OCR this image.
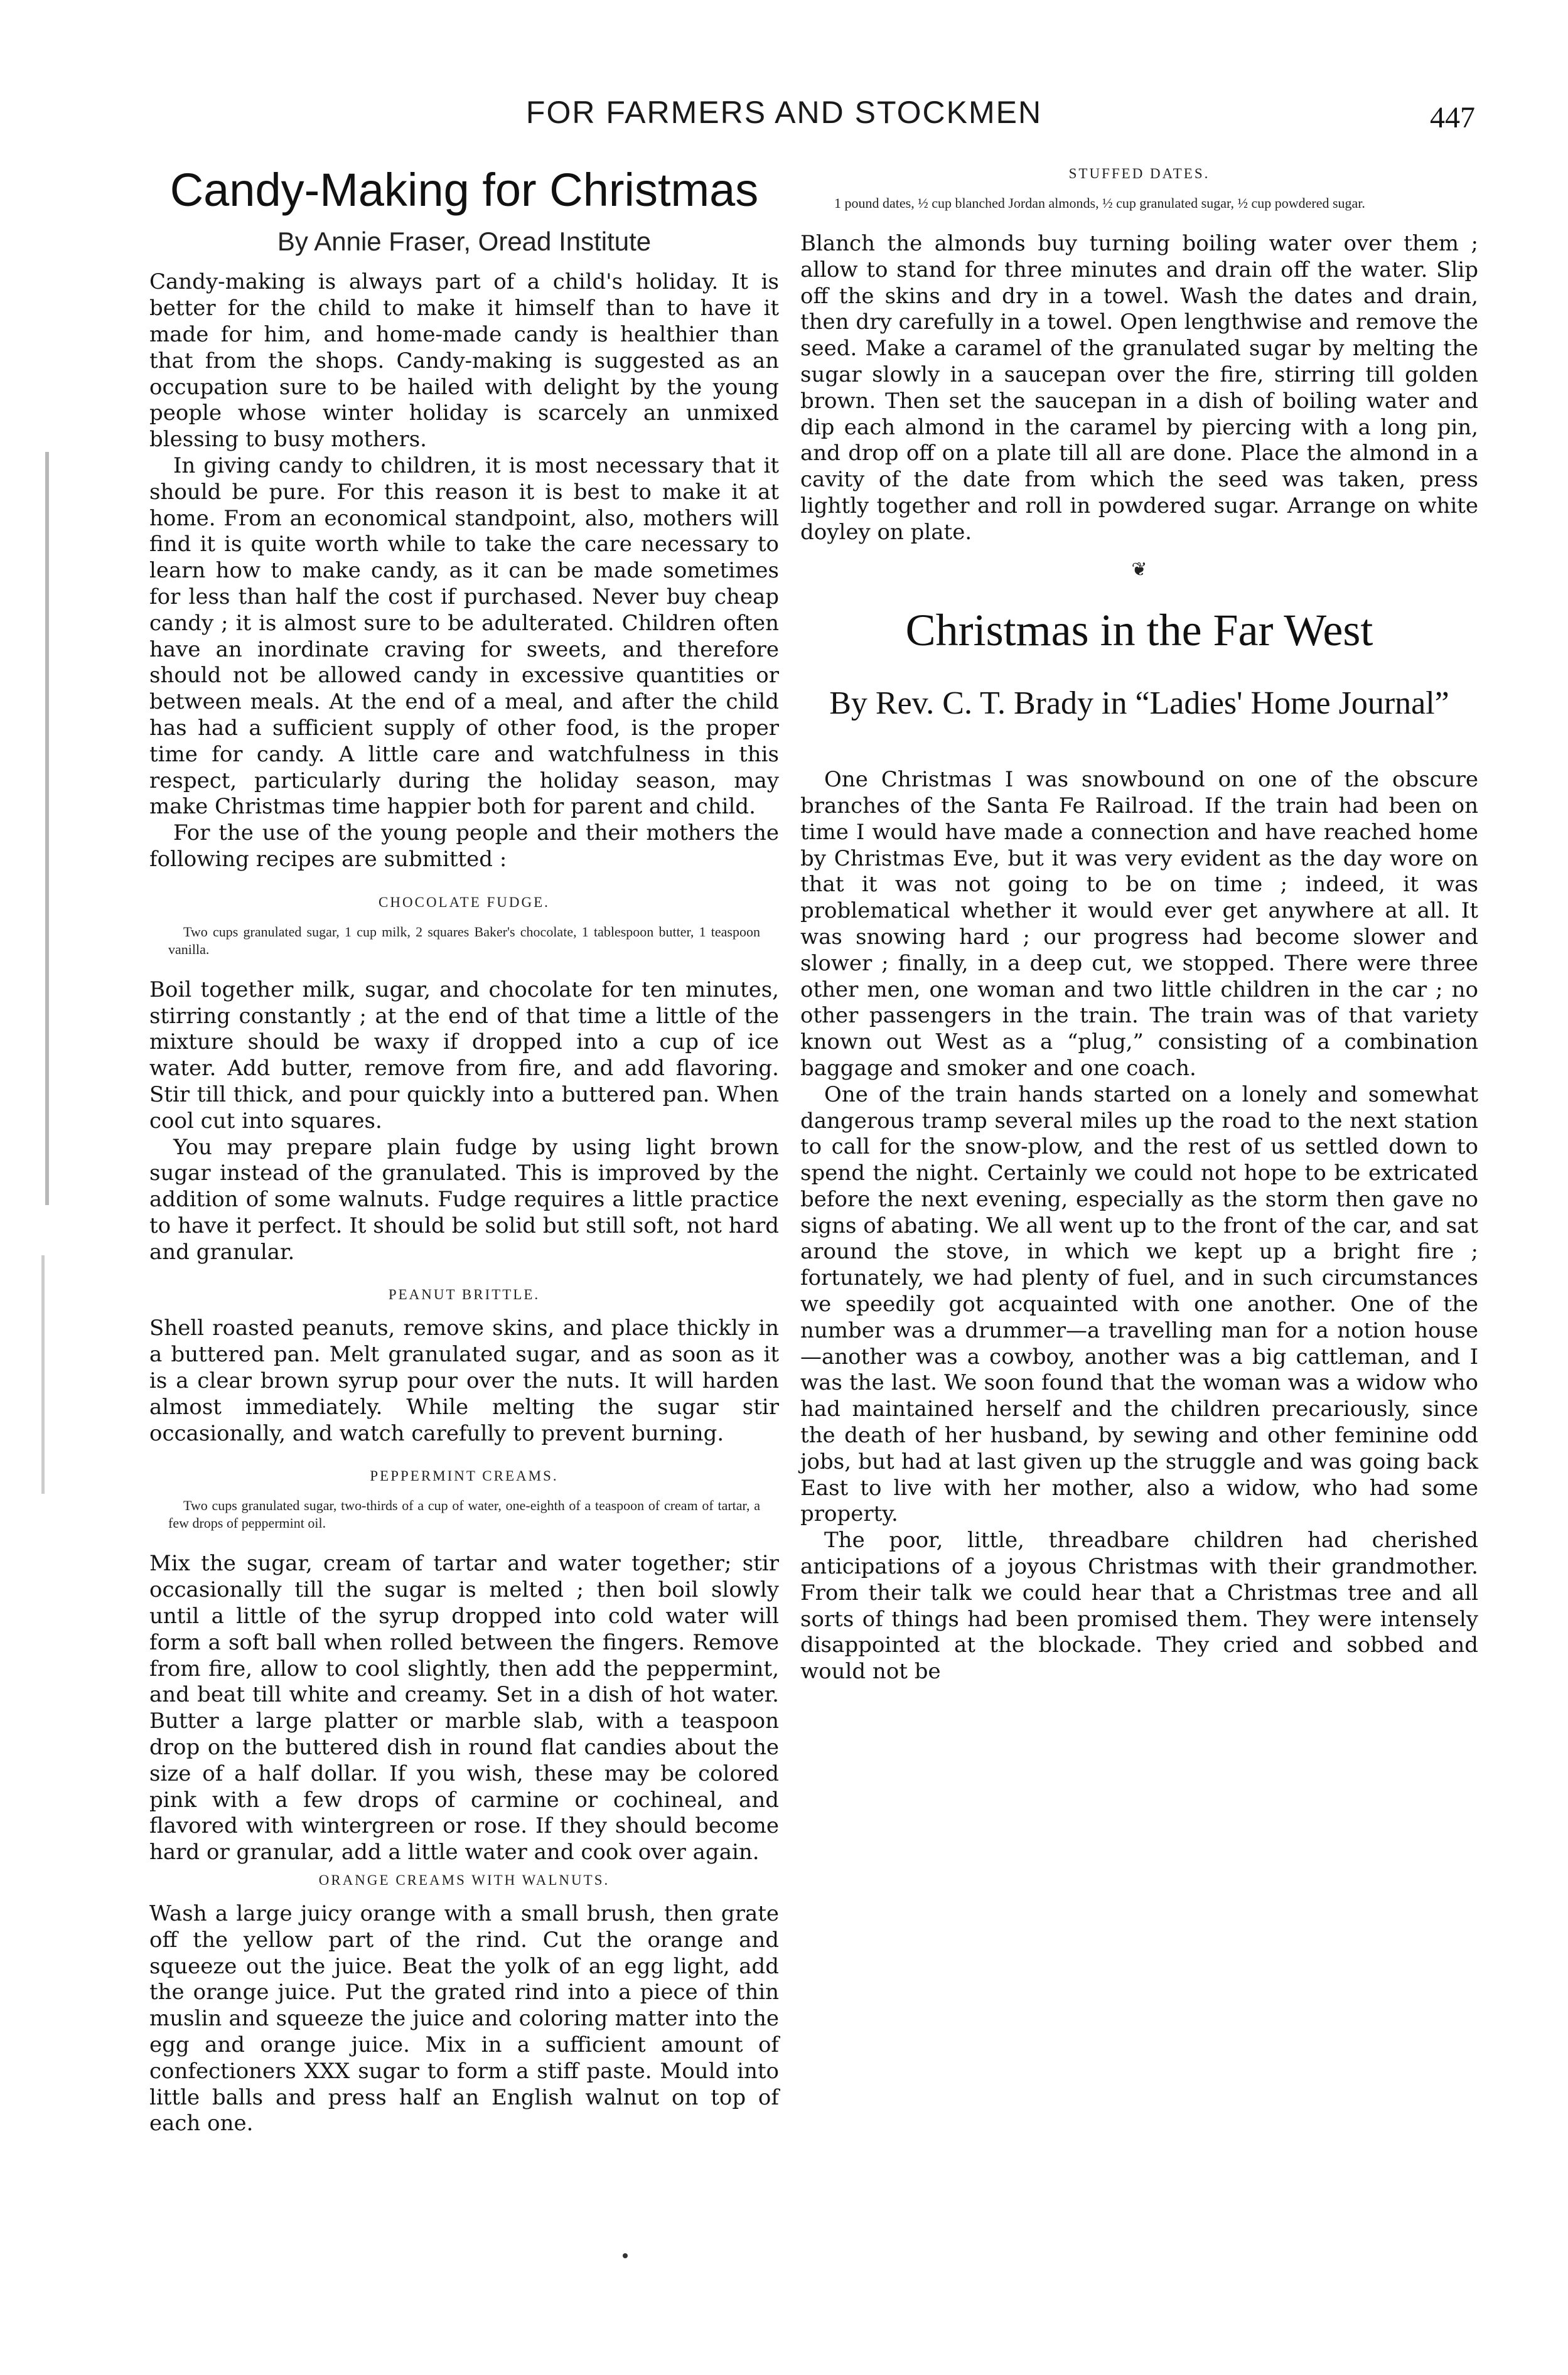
FOR FARMERS AND STOCKMEN	447
Candy-Making for Christmas
By Annie Fraser, Oread Institute

Candy-making is always part of a child's holiday. It is better for the child to make it himself than to have it made for him, and home-made candy is healthier than that from the shops. Candy-making is suggested as an occupation sure to be hailed with delight by the young people whose winter holiday is scarcely an unmixed blessing to busy mothers.

In giving candy to children, it is most necessary that it should be pure. For this reason it is best to make it at home. From an economical standpoint, also, mothers will find it is quite worth while to take the care necessary to learn how to make candy, as it can be made sometimes for less than half the cost if purchased. Never buy cheap candy ; it is almost sure to be adulterated. Children often have an inordinate craving for sweets, and therefore should not be allowed candy in excessive quantities or between meals. At the end of a meal, and after the child has had a sufficient supply of other food, is the proper time for candy. A little care and watchfulness in this respect, particularly during the holiday season, may make Christmas time happier both for parent and child.

For the use of the young people and their mothers the following recipes are submitted :

CHOCOLATE FUDGE.
Two cups granulated sugar, 1 cup milk, 2 squares Baker's chocolate, 1 tablespoon butter, 1 teaspoon vanilla.

Boil together milk, sugar, and chocolate for ten minutes, stirring constantly ; at the end of that time a little of the mixture should be waxy if dropped into a cup of ice water. Add butter, remove from fire, and add flavoring. Stir till thick, and pour quickly into a buttered pan. When cool cut into squares.

You may prepare plain fudge by using light brown sugar instead of the granulated. This is improved by the addition of some walnuts. Fudge requires a little practice to have it perfect. It should be solid but still soft, not hard and granular.

PEANUT BRITTLE.

Shell roasted peanuts, remove skins, and place thickly in a buttered pan. Melt granulated sugar, and as soon as it is a clear brown syrup pour over the nuts. It will harden almost immediately. While melting the sugar stir occasionally, and watch carefully to prevent burning.

PEPPERMINT CREAMS.
Two cups granulated sugar, two-thirds of a cup of water, one-eighth of a teaspoon of cream of tartar, a few drops of peppermint oil.

Mix the sugar, cream of tartar and water together; stir occasionally till the sugar is melted ; then boil slowly until a little of the syrup dropped into cold water will form a soft ball when rolled between the fingers. Remove from fire, allow to cool slightly, then add the peppermint, and beat till white and creamy. Set in a dish of hot water. Butter a large platter or marble slab, with a teaspoon drop on the buttered dish in round flat candies about the size of a half dollar. If you wish, these may be colored pink with a few drops of carmine or cochineal, and flavored with wintergreen or rose. If they should become hard or granular, add a little water and cook over again.

ORANGE CREAMS WITH WALNUTS.

Wash a large juicy orange with a small brush, then grate off the yellow part of the rind. Cut the orange and squeeze out the juice. Beat the yolk of an egg light, add the orange juice. Put the grated rind into a piece of thin muslin and squeeze the juice and coloring matter into the egg and orange juice. Mix in a sufficient amount of confectioners XXX sugar to form a stiff paste. Mould into little balls and press half an English walnut on top of each one.

STUFFED DATES.
1 pound dates, ½ cup blanched Jordan almonds, ½ cup granulated sugar, ½ cup powdered sugar.

Blanch the almonds buy turning boiling water over them ; allow to stand for three minutes and drain off the water. Slip off the skins and dry in a towel. Wash the dates and drain, then dry carefully in a towel. Open lengthwise and remove the seed. Make a caramel of the granulated sugar by melting the sugar slowly in a saucepan over the fire, stirring till golden brown. Then set the saucepan in a dish of boiling water and dip each almond in the caramel by piercing with a long pin, and drop off on a plate till all are done. Place the almond in a cavity of the date from which the seed was taken, press lightly together and roll in powdered sugar. Arrange on white doyley on plate.

❦
Christmas in the Far West
By Rev. C. T. Brady in “Ladies' Home Journal”

One Christmas I was snowbound on one of the obscure branches of the Santa Fe Railroad. If the train had been on time I would have made a connection and have reached home by Christmas Eve, but it was very evident as the day wore on that it was not going to be on time ; indeed, it was problematical whether it would ever get anywhere at all. It was snowing hard ; our progress had become slower and slower ; finally, in a deep cut, we stopped. There were three other men, one woman and two little children in the car ; no other passengers in the train. The train was of that variety known out West as a “plug,” consisting of a combination baggage and smoker and one coach.

One of the train hands started on a lonely and somewhat dangerous tramp several miles up the road to the next station to call for the snow-plow, and the rest of us settled down to spend the night. Certainly we could not hope to be extricated before the next evening, especially as the storm then gave no signs of abating. We all went up to the front of the car, and sat around the stove, in which we kept up a bright fire ; fortunately, we had plenty of fuel, and in such circumstances we speedily got acquainted with one another. One of the number was a drummer—a travelling man for a notion house—another was a cowboy, another was a big cattleman, and I was the last. We soon found that the woman was a widow who had maintained herself and the children precariously, since the death of her husband, by sewing and other feminine odd jobs, but had at last given up the struggle and was going back East to live with her mother, also a widow, who had some property.

The poor, little, threadbare children had cherished anticipations of a joyous Christmas with their grandmother. From their talk we could hear that a Christmas tree and all sorts of things had been promised them. They were intensely disappointed at the blockade. They cried and sobbed and would not be
